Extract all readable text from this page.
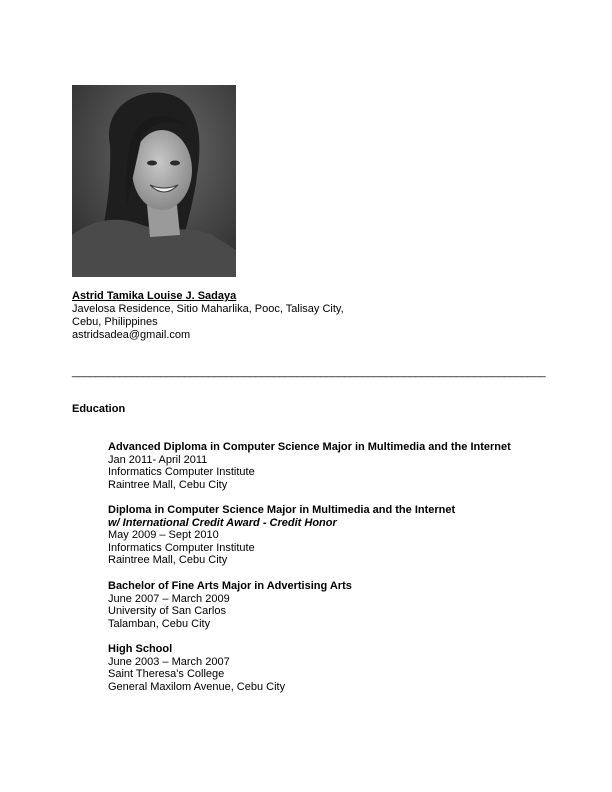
Astrid Tamika Louise J. Sadaya
Javelosa Residence, Sitio Maharlika, Pooc, Talisay City,
Cebu, Philippines
astridsadea@gmail.com
________________________________________________________________________________
Education
Advanced Diploma in Computer Science Major in Multimedia and the Internet
Jan 2011- April 2011
Informatics Computer Institute
Raintree Mall, Cebu City
Diploma in Computer Science Major in Multimedia and the Internet
w/ International Credit Award - Credit Honor
May 2009 – Sept 2010
Informatics Computer Institute
Raintree Mall, Cebu City
Bachelor of Fine Arts Major in Advertising Arts
June 2007 – March 2009
University of San Carlos
Talamban, Cebu City
High School
June 2003 – March 2007
Saint Theresa's College
General Maxilom Avenue, Cebu City
